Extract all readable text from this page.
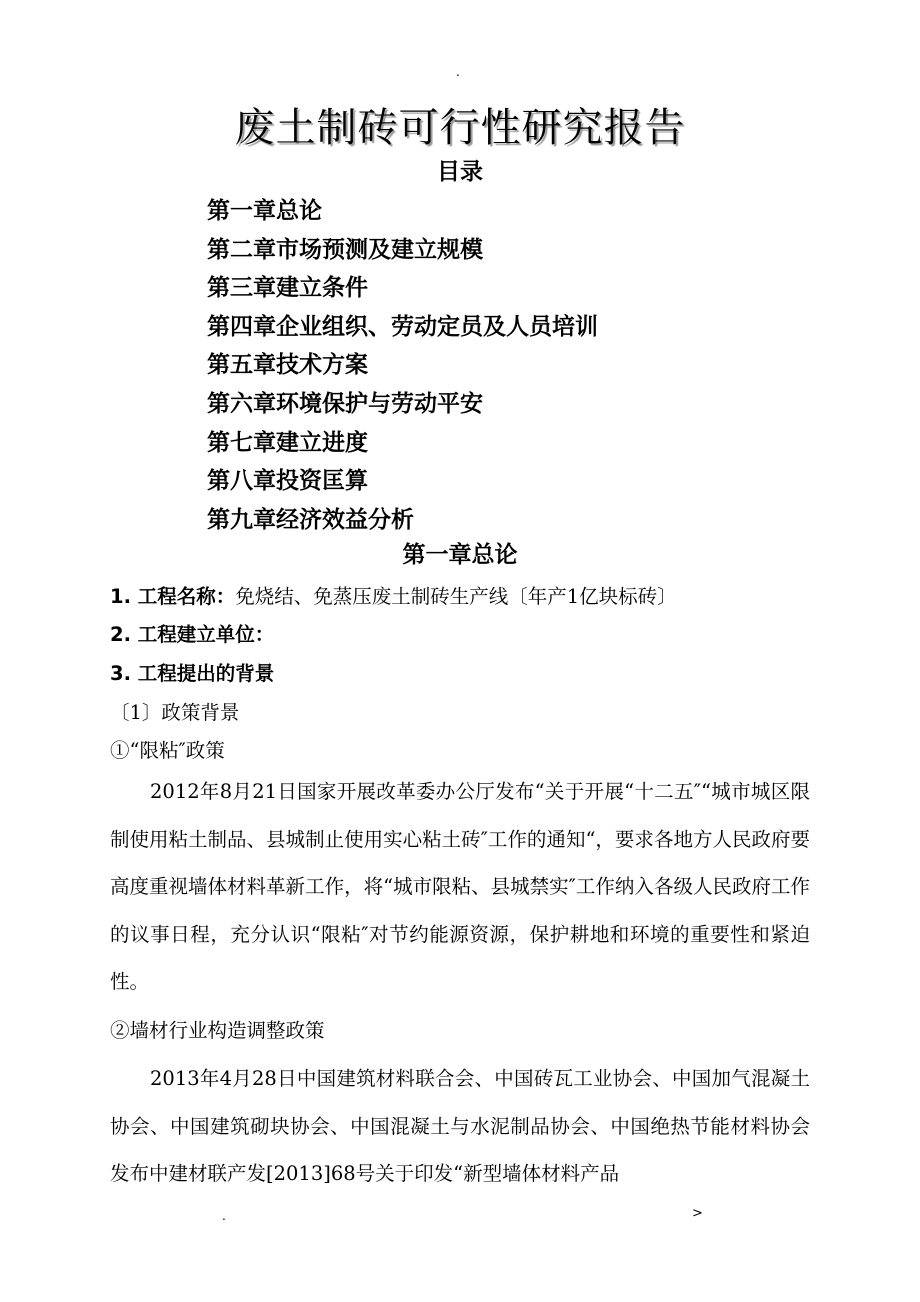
.
废土制砖可行性研究报告
目录
第一章总论
第二章市场预测及建立规模
第三章建立条件
第四章企业组织、劳动定员及人员培训
第五章技术方案
第六章环境保护与劳动平安
第七章建立进度
第八章投资匡算
第九章经济效益分析
第一章总论
1. 工程名称：免烧结、免蒸压废土制砖生产线〔年产1亿块标砖〕
2. 工程建立单位：
3. 工程提出的背景
〔1〕政策背景
①“限粘″政策
2012年8月21日国家开展改革委办公厅发布“关于开展“十二五″“城市城区限制使用粘土制品、县城制止使用实心粘土砖″工作的通知“，要求各地方人民政府要高度重视墙体材料革新工作，将“城市限粘、县城禁实″工作纳入各级人民政府工作的议事日程，充分认识“限粘″对节约能源资源，保护耕地和环境的重要性和紧迫性。
②墙材行业构造调整政策
2013年4月28日中国建筑材料联合会、中国砖瓦工业协会、中国加气混凝土协会、中国建筑砌块协会、中国混凝土与水泥制品协会、中国绝热节能材料协会发布中建材联产发[2013]68号关于印发“新型墙体材料产品
.	>
